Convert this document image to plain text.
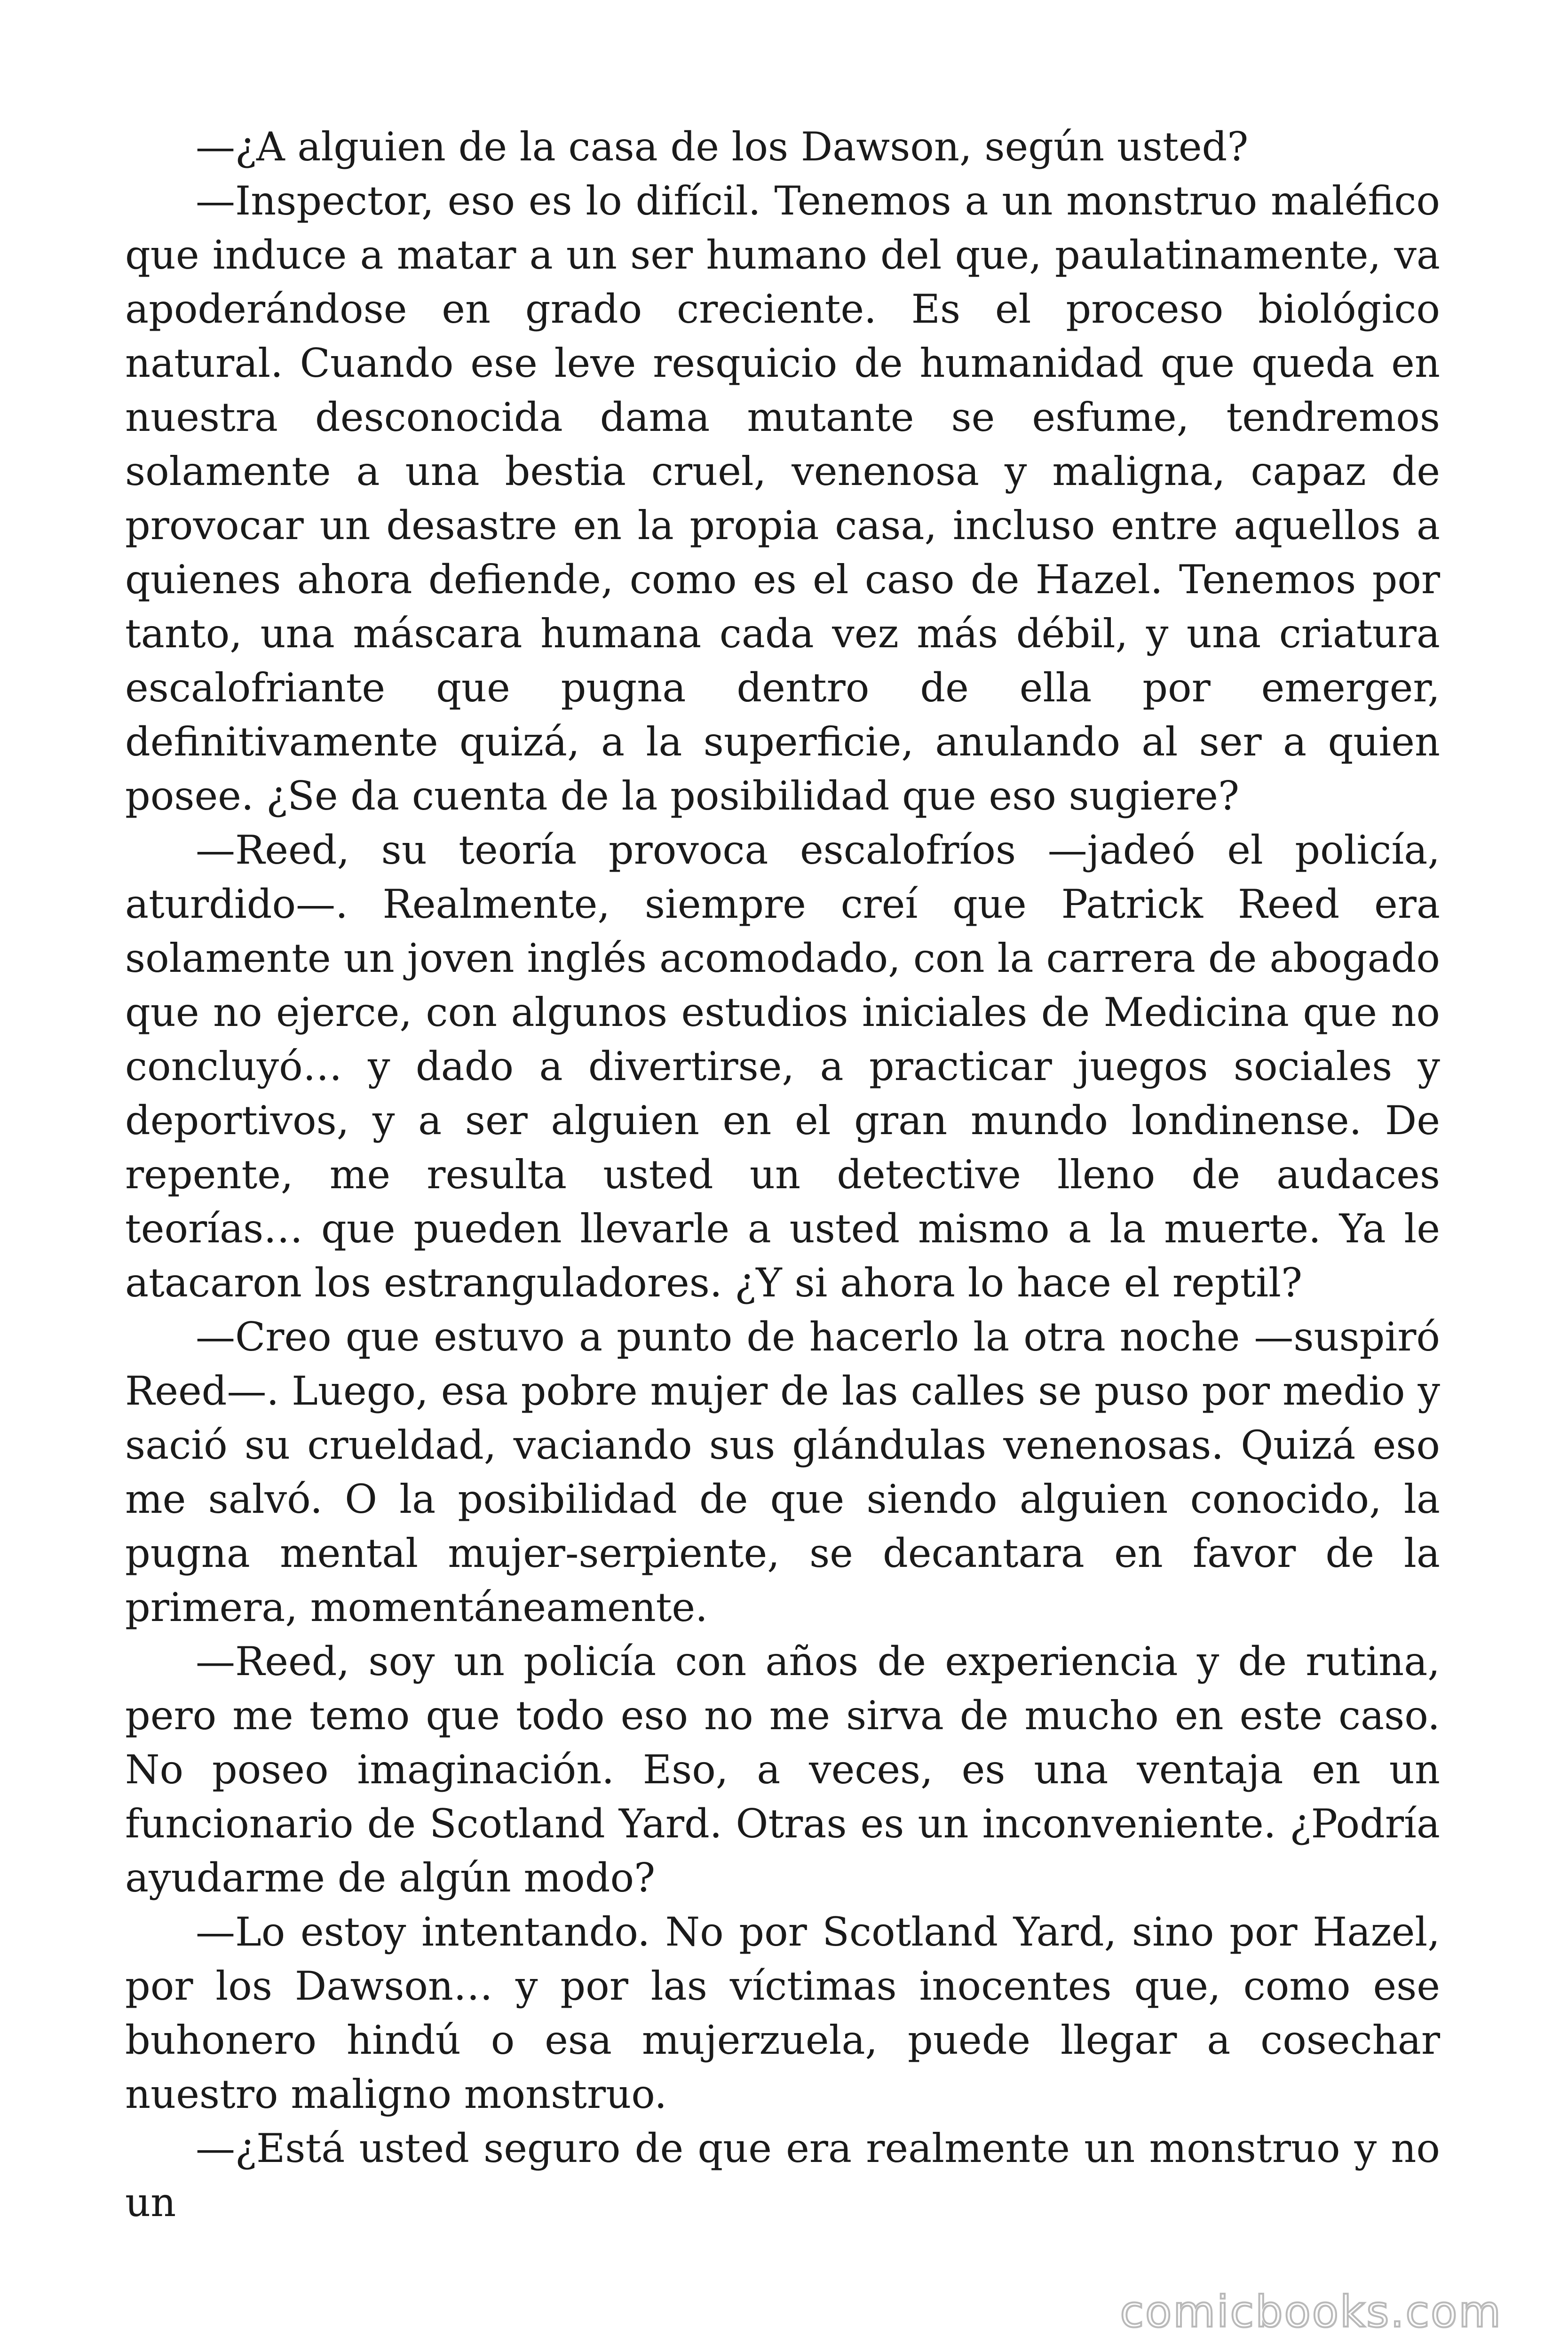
—¿A alguien de la casa de los Dawson, según usted?

—Inspector, eso es lo difícil. Tenemos a un monstruo maléfico que induce a matar a un ser humano del que, paulatinamente, va apoderándose en grado creciente. Es el proceso biológico natural. Cuando ese leve resquicio de humanidad que queda en nuestra desconocida dama mutante se esfume, tendremos solamente a una bestia cruel, venenosa y maligna, capaz de provocar un desastre en la propia casa, incluso entre aquellos a quienes ahora defiende, como es el caso de Hazel. Tenemos por tanto, una máscara humana cada vez más débil, y una criatura escalofriante que pugna dentro de ella por emerger, definitivamente quizá, a la superficie, anulando al ser a quien posee. ¿Se da cuenta de la posibilidad que eso sugiere?

—Reed, su teoría provoca escalofríos —jadeó el policía, aturdido—. Realmente, siempre creí que Patrick Reed era solamente un joven inglés acomodado, con la carrera de abogado que no ejerce, con algunos estudios iniciales de Medicina que no concluyó… y dado a divertirse, a practicar juegos sociales y deportivos, y a ser alguien en el gran mundo londinense. De repente, me resulta usted un detective lleno de audaces teorías… que pueden llevarle a usted mismo a la muerte. Ya le atacaron los estranguladores. ¿Y si ahora lo hace el reptil?

—Creo que estuvo a punto de hacerlo la otra noche —suspiró Reed—. Luego, esa pobre mujer de las calles se puso por medio y sació su crueldad, vaciando sus glándulas venenosas. Quizá eso me salvó. O la posibilidad de que siendo alguien conocido, la pugna mental mujer-serpiente, se decantara en favor de la primera, momentáneamente.

—Reed, soy un policía con años de experiencia y de rutina, pero me temo que todo eso no me sirva de mucho en este caso. No poseo imaginación. Eso, a veces, es una ventaja en un funcionario de Scotland Yard. Otras es un inconveniente. ¿Podría ayudarme de algún modo?

—Lo estoy intentando. No por Scotland Yard, sino por Hazel, por los Dawson… y por las víctimas inocentes que, como ese buhonero hindú o esa mujerzuela, puede llegar a cosechar nuestro maligno monstruo.

—¿Está usted seguro de que era realmente un monstruo y no un

comicbooks.com
